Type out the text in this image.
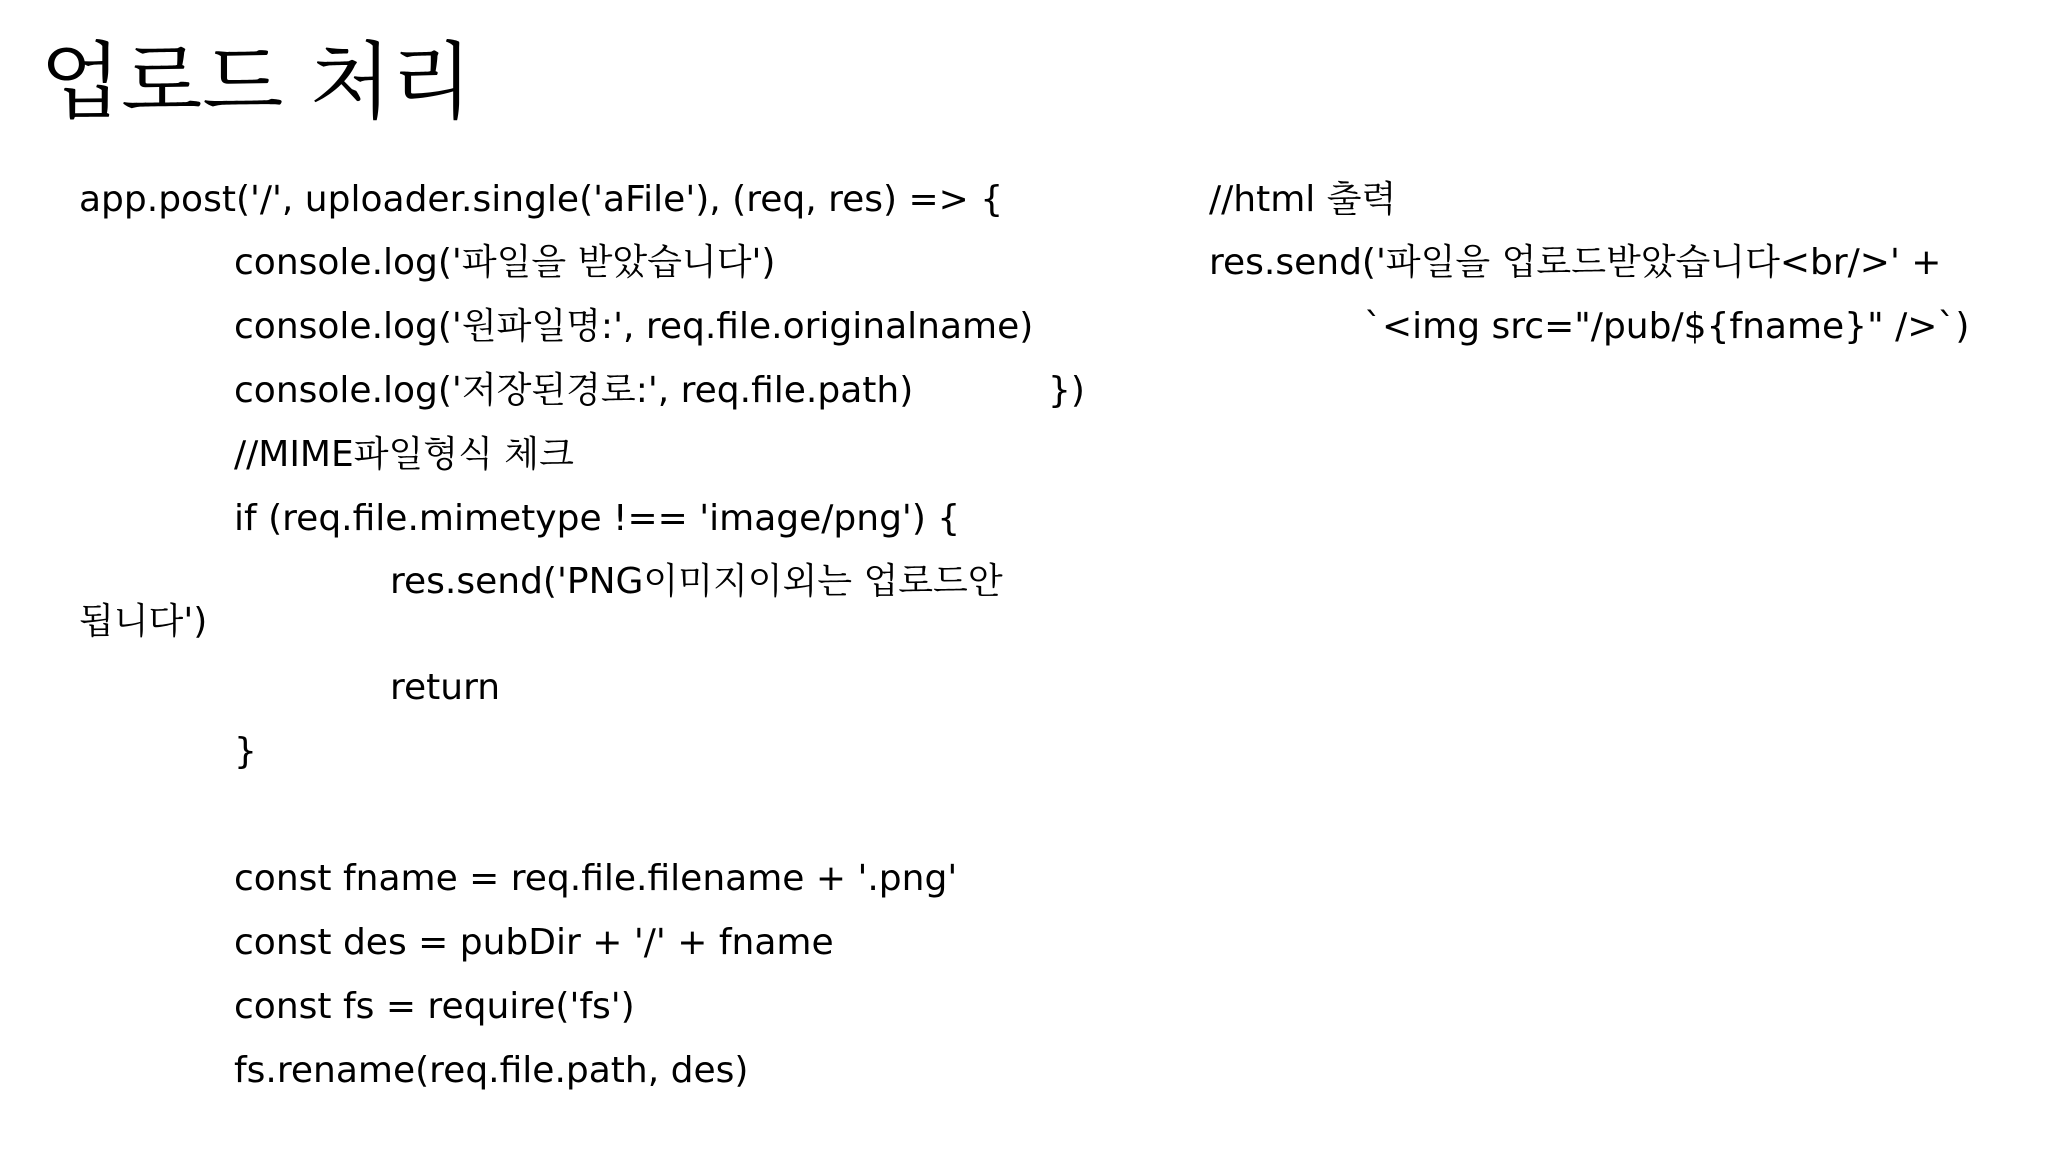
업로드 처리
app.post('/', uploader.single('aFile'), (req, res) => {
console.log('파일을 받았습니다')
console.log('원파일명:', req.file.originalname)
console.log('저장된경로:', req.file.path)	})
//MIME파일형식 체크
if (req.file.mimetype !== 'image/png') {
res.send('PNG이미지이외는 업로드안
됩니다')
return
}
const fname = req.file.filename + '.png'
const des = pubDir + '/' + fname
const fs = require('fs')
fs.rename(req.file.path, des)
//html 출력
res.send('파일을 업로드받았습니다<br/>' +
`<img src="/pub/${fname}" />`)
